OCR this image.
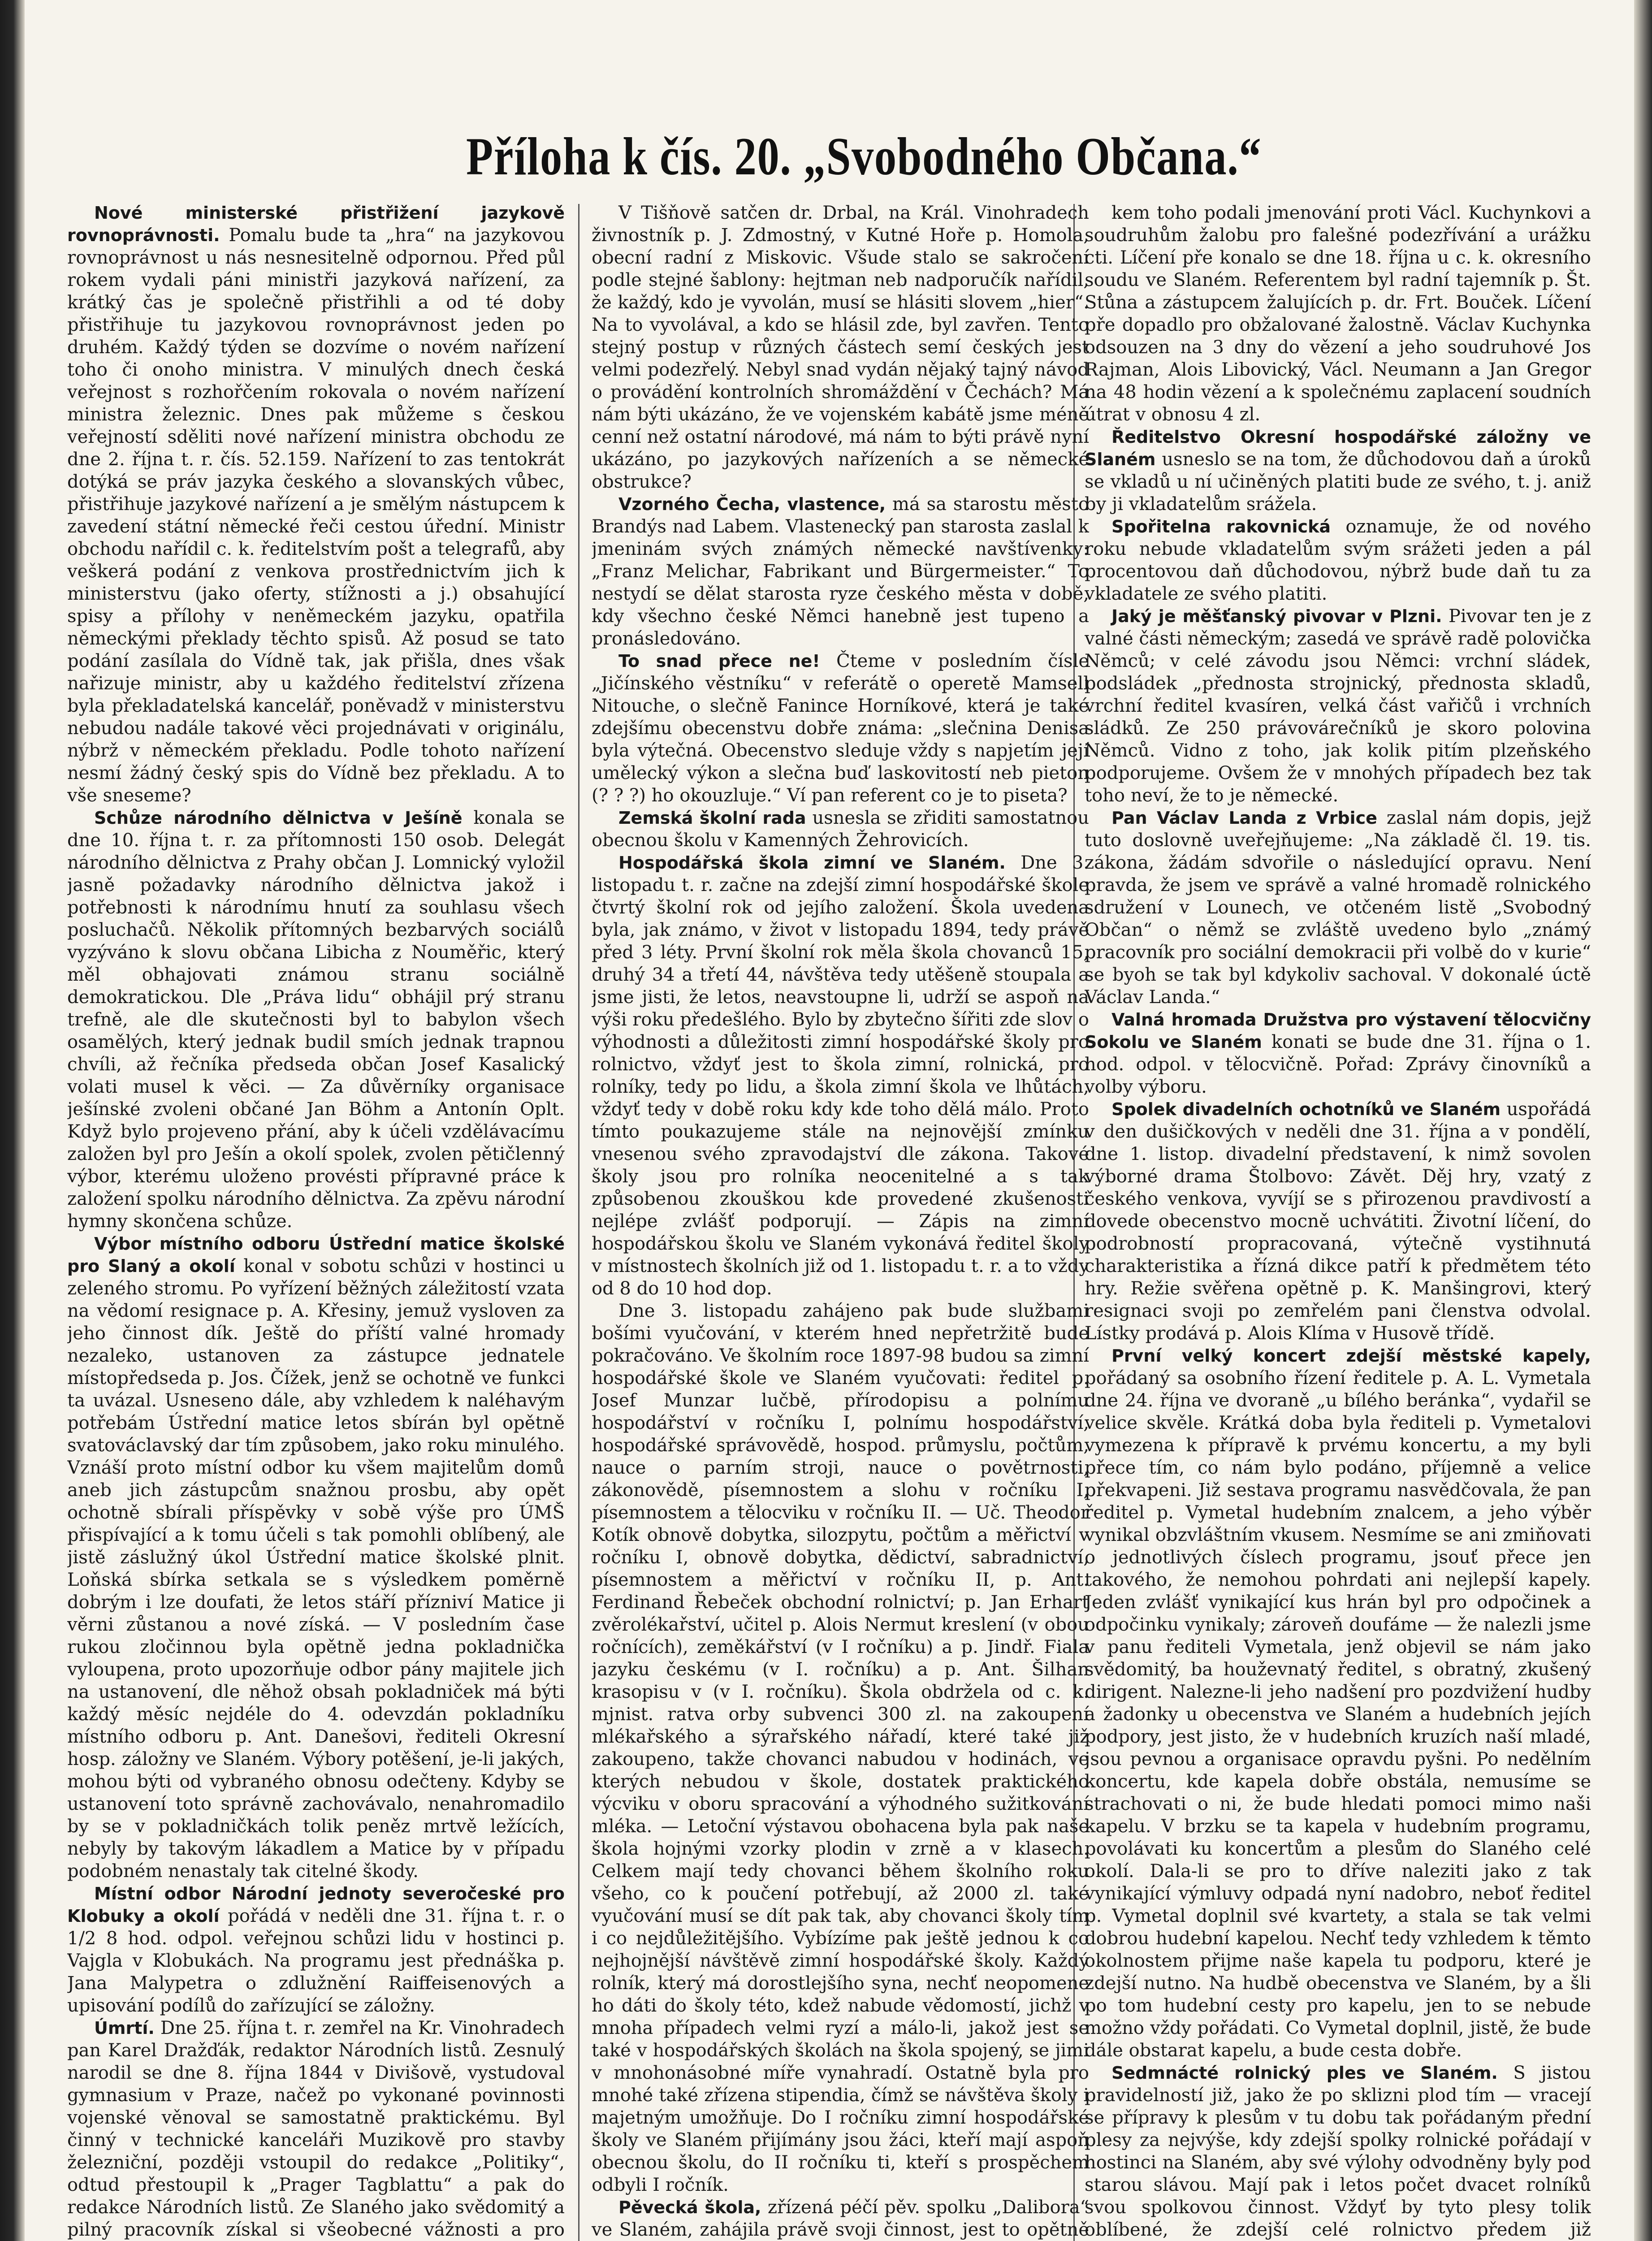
Příloha k čís. 20. „Svobodného Občana.“

Nové ministerské přistřižení jazykově rovnoprávnosti. Pomalu bude ta „hra“ na jazykovou rovnoprávnost u nás nesnesitelně odpornou. Před půl rokem vydali páni ministři jazyková nařízení, za krátký čas je společně přistřihli a od té doby přistřihuje tu jazykovou rovnoprávnost jeden po druhém. Každý týden se dozvíme o novém nařízení toho či onoho ministra. V minulých dnech česká veřejnost s rozhořčením rokovala o novém nařízení ministra železnic. Dnes pak můžeme s českou veřejností sděliti nové nařízení ministra obchodu ze dne 2. října t. r. čís. 52.159. Nařízení to zas tentokrát dotýká se práv jazyka českého a slovanských vůbec, přistřihuje jazykové nařízení a je smělým nástupcem k zavedení státní německé řeči cestou úřední. Ministr obchodu nařídil c. k. ředitelstvím pošt a telegrafů, aby veškerá podání z venkova prostřednictvím jich k ministerstvu (jako oferty, stížnosti a j.) obsahující spisy a přílohy v neněmeckém jazyku, opatřila německými překlady těchto spisů. Až posud se tato podání zasílala do Vídně tak, jak přišla, dnes však nařizuje ministr, aby u každého ředitelství zřízena byla překladatelská kancelář, poněvadž v ministerstvu nebudou nadále takové věci projednávati v originálu, nýbrž v německém překladu. Podle tohoto nařízení nesmí žádný český spis do Vídně bez překladu. A to vše sneseme?

Schůze národního dělnictva v Ješíně konala se dne 10. října t. r. za přítomnosti 150 osob. Delegát národního dělnictva z Prahy občan J. Lomnický vyložil jasně požadavky národního dělnictva jakož i potřebnosti k národnímu hnutí za souhlasu všech posluchačů. Několik přítomných bezbarvých sociálů vyzýváno k slovu občana Libicha z Nouměřic, který měl obhajovati známou stranu sociálně demokratickou. Dle „Práva lidu“ obhájil prý stranu trefně, ale dle skutečnosti byl to babylon všech osamělých, který jednak budil smích jednak trapnou chvíli, až řečníka předseda občan Josef Kasalický volati musel k věci. — Za důvěrníky organisace ješínské zvoleni občané Jan Böhm a Antonín Oplt. Když bylo projeveno přání, aby k účeli vzdělávacímu založen byl pro Ješín a okolí spolek, zvolen pětičlenný výbor, kterému uloženo provésti přípravné práce k založení spolku národního dělnictva. Za zpěvu národní hymny skončena schůze.

Výbor místního odboru Ústřední matice školské pro Slaný a okolí konal v sobotu schůzi v hostinci u zeleného stromu. Po vyřízení běžných záležitostí vzata na vědomí resignace p. A. Křesiny, jemuž vysloven za jeho činnost dík. Ještě do příští valné hromady nezaleko, ustanoven za zástupce jednatele místopředseda p. Jos. Čížek, jenž se ochotně ve funkci ta uvázal. Usneseno dále, aby vzhledem k naléhavým potřebám Ústřední matice letos sbírán byl opětně svatováclavský dar tím způsobem, jako roku minulého. Vznáší proto místní odbor ku všem majitelům domů aneb jich zástupcům snažnou prosbu, aby opět ochotně sbírali příspěvky v sobě výše pro ÚMŠ přispívající a k tomu účeli s tak pomohli oblíbený, ale jistě záslužný úkol Ústřední matice školské plnit. Loňská sbírka setkala se s výsledkem poměrně dobrým i lze doufati, že letos stáří přízniví Matice ji věrni zůstanou a nové získá. — V posledním čase rukou zločinnou byla opětně jedna pokladnička vyloupena, proto upozorňuje odbor pány majitele jich na ustanovení, dle něhož obsah pokladniček má býti každý měsíc nejdéle do 4. odevzdán pokladníku místního odboru p. Ant. Danešovi, řediteli Okresní hosp. záložny ve Slaném. Výbory potěšení, je-li jakých, mohou býti od vybraného obnosu odečteny. Kdyby se ustanovení toto správně zachovávalo, nenahromadilo by se v pokladničkách tolik peněz mrtvě ležících, nebyly by takovým lákadlem a Matice by v případu podobném nenastaly tak citelné škody.

Místní odbor Národní jednoty severočeské pro Klobuky a okolí pořádá v neděli dne 31. října t. r. o 1/2 8 hod. odpol. veřejnou schůzi lidu v hostinci p. Vajgla v Klobukách. Na programu jest přednáška p. Jana Malypetra o zdlužnění Raiffeisenových a upisování podílů do zařízující se záložny.

Úmrtí. Dne 25. října t. r. zemřel na Kr. Vinohradech pan Karel Dražďák, redaktor Národních listů. Zesnulý narodil se dne 8. října 1844 v Divišově, vystudoval gymnasium v Praze, načež po vykonané povinnosti vojenské věnoval se samostatně praktickému. Byl činný v technické kanceláři Muzikově pro stavby železniční, později vstoupil do redakce „Politiky“, odtud přestoupil k „Prager Tagblattu“ a pak do redakce Národních listů. Ze Slaného jako svědomitý a pilný pracovník získal si všeobecné vážnosti a pro

V Tišňově satčen dr. Drbal, na Král. Vinohradech živnostník p. J. Zdmostný, v Kutné Hoře p. Homola, obecní radní z Miskovic. Všude stalo se sakročení podle stejné šablony: hejtman neb nadporučík nařídil, že každý, kdo je vyvolán, musí se hlásiti slovem „hier“. Na to vyvolával, a kdo se hlásil zde, byl zavřen. Tento stejný postup v různých částech semí českých jest velmi podezřelý. Nebyl snad vydán nějaký tajný návod o provádění kontrolních shromáždění v Čechách? Má nám býti ukázáno, že ve vojenském kabátě jsme méně cenní než ostatní národové, má nám to býti právě nyní ukázáno, po jazykových nařízeních a se německé obstrukce?

Vzorného Čecha, vlastence, má sa starostu město Brandýs nad Labem. Vlastenecký pan starosta zaslal k jmeninám svých známých německé navštívenky: „Franz Melichar, Fabrikant und Bürgermeister.“ To nestydí se dělat starosta ryze českého města v době, kdy všechno české Němci hanebně jest tupeno a pronásledováno.

To snad přece ne! Čteme v posledním čísle „Jičínského věstníku“ v referátě o operetě Mamsell Nitouche, o slečně Fanince Horníkové, která je také zdejšímu obecenstvu dobře známa: „slečnina Denisa byla výtečná. Obecenstvo sleduje vždy s napjetím její umělecký výkon a slečna buď laskovitostí neb pieton (? ? ?) ho okouzluje.“ Ví pan referent co je to piseta?

Zemská školní rada usnesla se zřiditi samostatnou obecnou školu v Kamenných Žehrovicích.

Hospodářská škola zimní ve Slaném. Dne 3. listopadu t. r. začne na zdejší zimní hospodářské škole čtvrtý školní rok od jejího založení. Škola uvedena byla, jak známo, v život v listopadu 1894, tedy právě před 3 léty. První školní rok měla škola chovanců 15, druhý 34 a třetí 44, návštěva tedy utěšeně stoupala a jsme jisti, že letos, neavstoupne li, udrží se aspoň na výši roku předešlého. Bylo by zbytečno šířiti zde slov o výhodnosti a důležitosti zimní hospodářské školy pro rolnictvo, vždyť jest to škola zimní, rolnická, pro rolníky, tedy po lidu, a škola zimní škola ve lhůtách, vždyť tedy v době roku kdy kde toho dělá málo. Proto tímto poukazujeme stále na nejnovější zmínku vnesenou svého zpravodajství dle zákona. Takové školy jsou pro rolníka neocenitelné a s tak způsobenou zkouškou kde provedené zkušenosti nejlépe zvlášť podporují. — Zápis na zimní hospodářskou školu ve Slaném vykonává ředitel školy v místnostech školních již od 1. listopadu t. r. a to vždy od 8 do 10 hod dop.

Dne 3. listopadu zahájeno pak bude službami bošími vyučování, v kterém hned nepřetržitě bude pokračováno. Ve školním roce 1897-98 budou sa zimní hospodářské škole ve Slaném vyučovati: ředitel p. Josef Munzar lučbě, přírodopisu a polnímu hospodářství v ročníku I, polnímu hospodářství, hospodářské správovědě, hospod. průmyslu, počtům, nauce o parním stroji, nauce o povětrnosti, zákonovědě, písemnostem a slohu v ročníku I, písemnostem a tělocviku v ročníku II. — Uč. Theodor Kotík obnově dobytka, silozpytu, počtům a měřictví v ročníku I, obnově dobytka, dědictví, sabradnictví, písemnostem a měřictví v ročníku II, p. Ant. Ferdinand Řebeček obchodní rolnictví; p. Jan Erhart zvěrolékařství, učitel p. Alois Nermut kreslení (v obou ročnících), zeměkářství (v I ročníku) a p. Jindř. Fiala jazyku českému (v I. ročníku) a p. Ant. Šilhan krasopisu v (v I. ročníku). Škola obdržela od c. k. mjnist. ratva orby subvenci 300 zl. na zakoupení mlékařského a sýrařského nářadí, které také již zakoupeno, takže chovanci nabudou v hodinách, ve kterých nebudou v škole, dostatek praktického výcviku v oboru spracování a výhodného sužitkování mléka. — Letoční výstavou obohacena byla pak naše škola hojnými vzorky plodin v zrně a v klasech. Celkem mají tedy chovanci během školního roku všeho, co k poučení potřebují, až 2000 zl. také vyučování musí se dít pak tak, aby chovanci školy tím i co nejdůležitějšího. Vybízíme pak ještě jednou k co nejhojnější návštěvě zimní hospodářské školy. Každý rolník, který má dorostlejšího syna, nechť neopomene ho dáti do školy této, kdež nabude vědomostí, jichž v mnoha případech velmi ryzí a málo-li, jakož jest se také v hospodářských školách na škola spojený, se jimi v mnohonásobné míře vynahradí. Ostatně byla pro mnohé také zřízena stipendia, čímž se návštěva školy i majetným umožňuje. Do I ročníku zimní hospodářské školy ve Slaném přijímány jsou žáci, kteří mají aspoň obecnou školu, do II ročníku ti, kteří s prospěchem odbyli I ročník.

Pěvecká škola, zřízená péčí pěv. spolku „Dalibora“ ve Slaném, zahájila právě svoji činnost, jest to opětně

kem toho podali jmenování proti Václ. Kuchynkovi a soudruhům žalobu pro falešné podezřívání a urážku cti. Líčení pře konalo se dne 18. října u c. k. okresního soudu ve Slaném. Referentem byl radní tajemník p. Št. Stůna a zástupcem žalujících p. dr. Frt. Bouček. Líčení pře dopadlo pro obžalované žalostně. Václav Kuchynka odsouzen na 3 dny do vězení a jeho soudruhové Jos Rajman, Alois Libovický, Václ. Neumann a Jan Gregor na 48 hodin vězení a k společnému zaplacení soudních útrat v obnosu 4 zl.

Ředitelstvo Okresní hospodářské záložny ve Slaném usneslo se na tom, že důchodovou daň a úroků se vkladů u ní učiněných platiti bude ze svého, t. j. aniž by ji vkladatelům srážela.

Spořitelna rakovnická oznamuje, že od nového roku nebude vkladatelům svým srážeti jeden a pál procentovou daň důchodovou, nýbrž bude daň tu za vkladatele ze svého platiti.

Jaký je měšťanský pivovar v Plzni. Pivovar ten je z valné části německým; zasedá ve správě radě polovička Němců; v celé závodu jsou Němci: vrchní sládek, podsládek „přednosta strojnický, přednosta skladů, vrchní ředitel kvasíren, velká část vařičů i vrchních sládků. Ze 250 právovárečníků je skoro polovina Němců. Vidno z toho, jak kolik pitím plzeňského podporujeme. Ovšem že v mnohých případech bez tak toho neví, že to je německé.

Pan Václav Landa z Vrbice zaslal nám dopis, jejž tuto doslovně uveřejňujeme: „Na základě čl. 19. tis. zákona, žádám sdvořile o následující opravu. Není pravda, že jsem ve správě a valné hromadě rolnického sdružení v Lounech, ve otčeném listě „Svobodný Občan“ o němž se zvláště uvedeno bylo „známý pracovník pro sociální demokracii při volbě do v kurie“ se byoh se tak byl kdykoliv sachoval. V dokonalé úctě Václav Landa.“

Valná hromada Družstva pro výstavení tělocvičny Sokolu ve Slaném konati se bude dne 31. října o 1. hod. odpol. v tělocvičně. Pořad: Zprávy činovníků a volby výboru.

Spolek divadelních ochotníků ve Slaném uspořádá v den dušičkových v neděli dne 31. října a v pondělí, dne 1. listop. divadelní představení, k nimž sovolen výborné drama Štolbovo: Závět. Děj hry, vzatý z českého venkova, vyvíjí se s přirozenou pravdivostí a dovede obecenstvo mocně uchvátiti. Životní líčení, do podrobností propracovaná, výtečně vystihnutá charakteristika a řízná dikce patří k předmětem této hry. Režie svěřena opětně p. K. Manšingrovi, který resignaci svoji po zemřelém pani členstva odvolal. Lístky prodává p. Alois Klíma v Husově třídě.

První velký koncert zdejší městské kapely, pořádaný sa osobního řízení ředitele p. A. L. Vymetala dne 24. října ve dvoraně „u bílého beránka“, vydařil se velice skvěle. Krátká doba byla řediteli p. Vymetalovi vymezena k přípravě k prvému koncertu, a my byli přece tím, co nám bylo podáno, příjemně a velice překvapeni. Již sestava programu nasvědčovala, že pan ředitel p. Vymetal hudebním znalcem, a jeho výběr vynikal obzvláštním vkusem. Nesmíme se ani zmiňovati o jednotlivých číslech programu, jsouť přece jen takového, že nemohou pohrdati ani nejlepší kapely. Jeden zvlášť vynikající kus hrán byl pro odpočinek a odpočinku vynikaly; zároveň doufáme — že nalezli jsme v panu řediteli Vymetala, jenž objevil se nám jako svědomitý, ba houževnatý ředitel, s obratný, zkušený dirigent. Nalezne-li jeho nadšení pro pozdvižení hudby a žadonky u obecenstva ve Slaném a hudebních jejích podpory, jest jisto, že v hudebních kruzích naší mladé, jsou pevnou a organisace opravdu pyšni. Po nedělním koncertu, kde kapela dobře obstála, nemusíme se strachovati o ni, že bude hledati pomoci mimo naši kapelu. V brzku se ta kapela v hudebním programu, povolávati ku koncertům a plesům do Slaného celé okolí. Dala-li se pro to dříve naleziti jako z tak vynikající výmluvy odpadá nyní nadobro, neboť ředitel p. Vymetal doplnil své kvartety, a stala se tak velmi dobrou hudební kapelou. Nechť tedy vzhledem k těmto okolnostem přijme naše kapela tu podporu, které je zdejší nutno. Na hudbě obecenstva ve Slaném, by a šli po tom hudební cesty pro kapelu, jen to se nebude možno vždy pořádati. Co Vymetal doplnil, jistě, že bude dále obstarat kapelu, a bude cesta dobře.

Sedmnácté rolnický ples ve Slaném. S jistou pravidelností již, jako že po sklizni plod tím — vracejí se přípravy k plesům v tu dobu tak pořádaným přední plesy za nejvýše, kdy zdejší spolky rolnické pořádají v hostinci na Slaném, aby své výlohy odvodněny byly pod starou slávou. Mají pak i letos počet dvacet rolníků svou spolkovou činnost. Vždyť by tyto plesy tolik oblíbené, že zdejší celé rolnictvo předem již
